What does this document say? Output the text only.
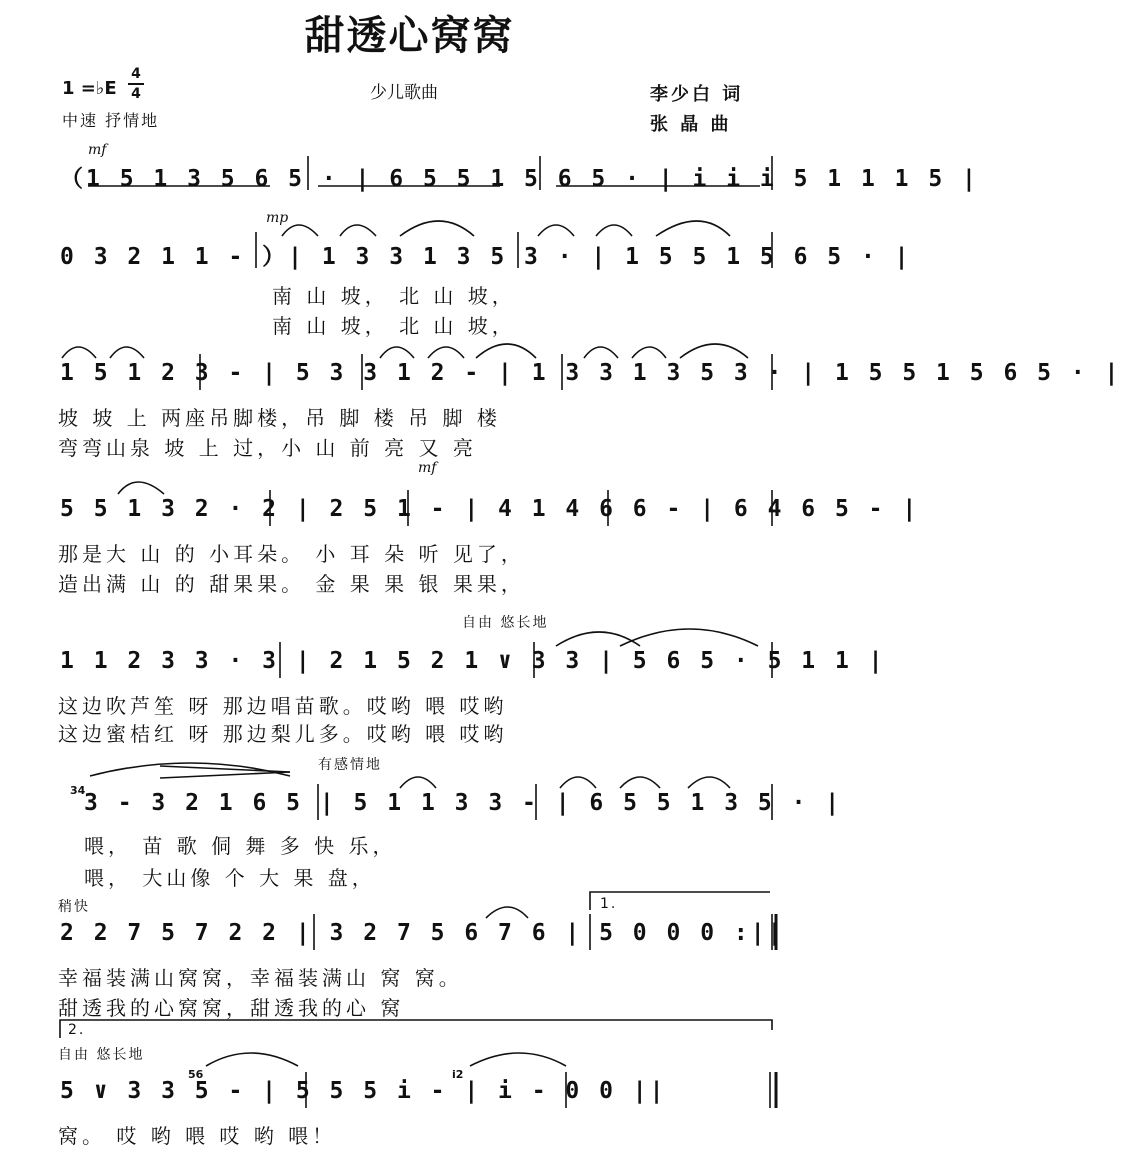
甜透心窝窝
1 =♭E
4
4	少儿歌曲	李少白 词
张 晶 曲
中速 抒情地
mf
mp
mf
自由 悠长地
有感情地
稍快	1.
2.
自由 悠长地
（1 5 1 3 5 6 5 · | 6 5 5 1 5 6 5 · | i i i 5 1 1 1 5 |
0 3 2 1 1 - ）| 1 3 3 1 3 5 3 · | 1 5 5 1 5 6 5 · |
南 山 坡， 北 山 坡，
南 山 坡， 北 山 坡，
1 5 1 2 3 - | 5 3 3 1 2 - | 1 3 3 1 3 5 3 · | 1 5 5 1 5 6 5 · |
坡 坡 上 两座吊脚楼，吊 脚 楼 吊 脚 楼
弯弯山泉 坡 上 过，小 山 前 亮 又 亮
5 5 1 3 2 · 2 | 2 5 1 - | 4 1 4 6 6 - | 6 4 6 5 - |
那是大 山 的 小耳朵。 小 耳 朵 听 见了，
造出满 山 的 甜果果。 金 果 果 银 果果，
1 1 2 3 3 · 3 | 2 1 5 2 1 ∨ 3 3 | 5 6 5 · 5 1 1 |
这边吹芦笙 呀 那边唱苗歌。哎哟 喂 哎哟
这边蜜桔红 呀 那边梨儿多。哎哟 喂 哎哟
34
3 - 3 2 1 6 5 | 5 1 1 3 3 - | 6 5 5 1 3 5 · |
喂， 苗 歌 侗 舞 多 快 乐，
喂， 大山像 个 大 果 盘，
2 2 7 5 7 2 2 | 3 2 7 5 6 7 6 | 5 0 0 0 :||
幸福装满山窝窝，幸福装满山 窝 窝。
甜透我的心窝窝，甜透我的心 窝
56	i2
5 ∨ 3 3 5 - | 5 5 5 i - | i - 0 0 ||
窝。 哎 哟 喂 哎 哟 喂！
